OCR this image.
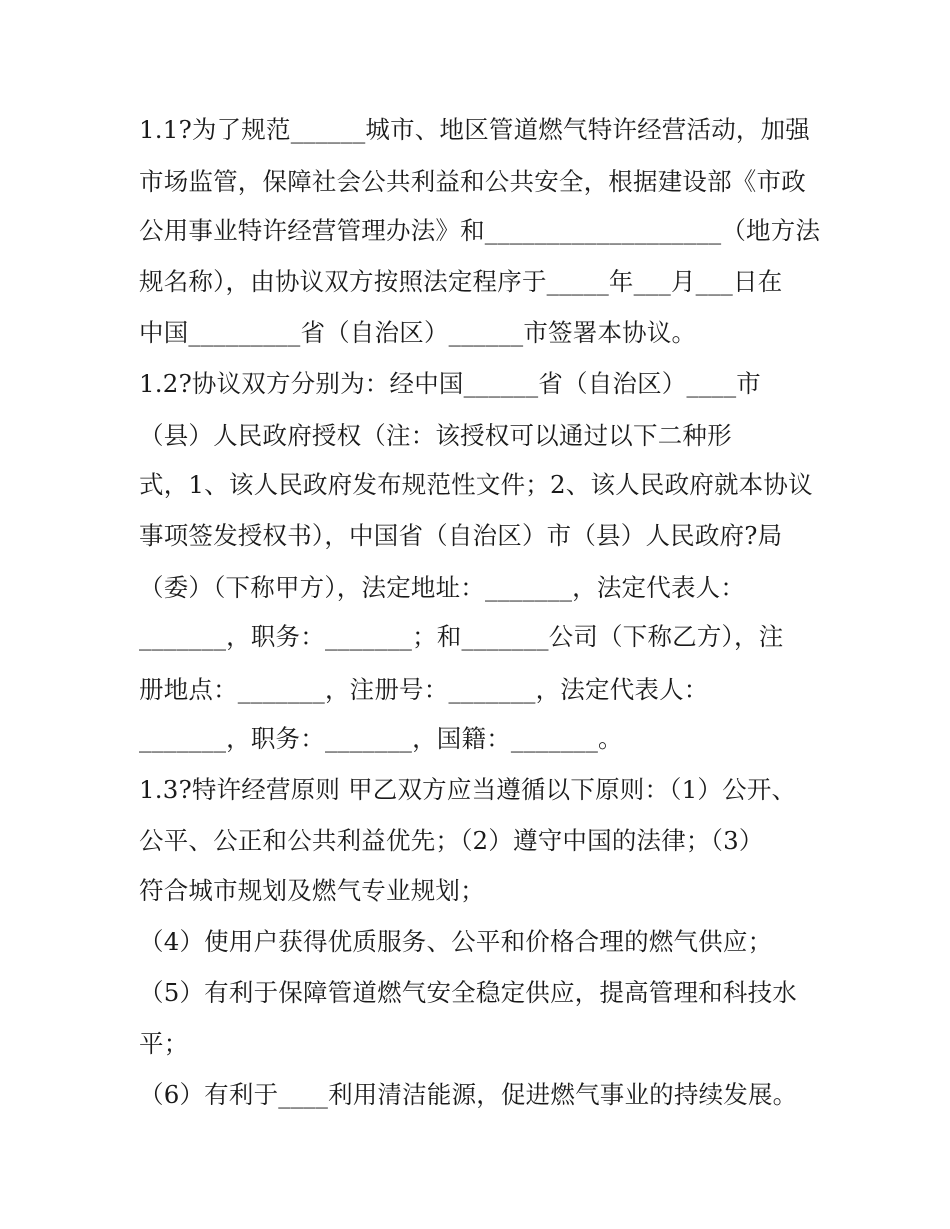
1.1?为了规范______城市、地区管道燃气特许经营活动，加强
市场监管，保障社会公共利益和公共安全，根据建设部《市政
公用事业特许经营管理办法》和___________________（地方法
规名称），由协议双方按照法定程序于_____年___月___日在
中国_________省（自治区）______市签署本协议。
1.2?协议双方分别为：经中国______省（自治区）____市
（县）人民政府授权（注：该授权可以通过以下二种形
式，1、该人民政府发布规范性文件；2、该人民政府就本协议
事项签发授权书），中国省（自治区）市（县）人民政府?局
（委）（下称甲方），法定地址：_______，法定代表人：
_______，职务：_______；和_______公司（下称乙方），注
册地点：_______，注册号：_______，法定代表人：
_______，职务：_______，国籍：_______。
1.3?特许经营原则 甲乙双方应当遵循以下原则：（1）公开、
公平、公正和公共利益优先；（2）遵守中国的法律；（3）
符合城市规划及燃气专业规划；
（4）使用户获得优质服务、公平和价格合理的燃气供应；
（5）有利于保障管道燃气安全稳定供应，提高管理和科技水
平；
（6）有利于____利用清洁能源，促进燃气事业的持续发展。
